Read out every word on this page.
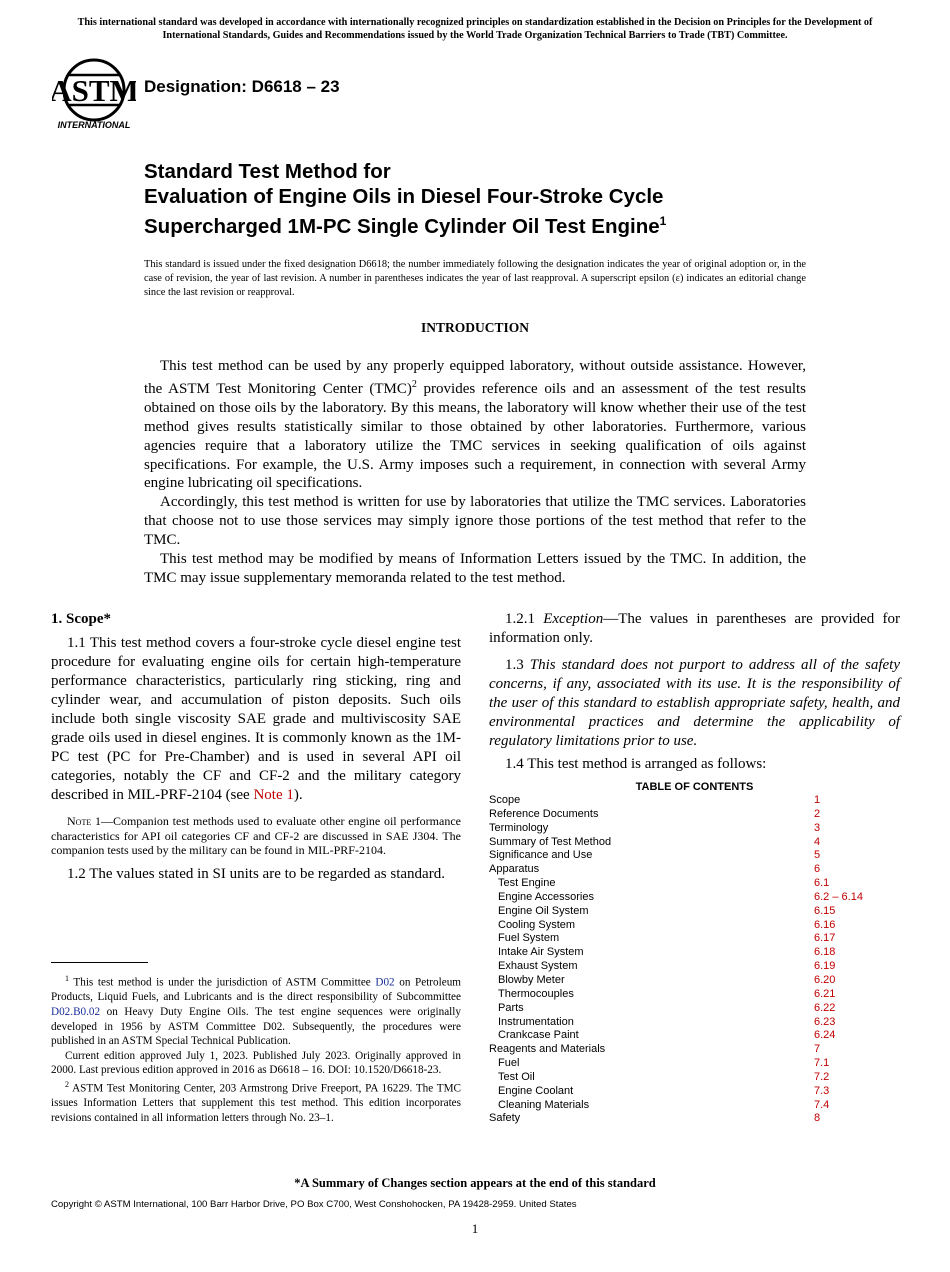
This international standard was developed in accordance with internationally recognized principles on standardization established in the Decision on Principles for the Development of International Standards, Guides and Recommendations issued by the World Trade Organization Technical Barriers to Trade (TBT) Committee.
ASTM
INTERNATIONAL
Designation: D6618 – 23
Standard Test Method for
Evaluation of Engine Oils in Diesel Four-Stroke Cycle
Supercharged 1M-PC Single Cylinder Oil Test Engine$^1$
This standard is issued under the fixed designation D6618; the number immediately following the designation indicates the year of original adoption or, in the case of revision, the year of last revision. A number in parentheses indicates the year of last reapproval. A superscript epsilon (ε) indicates an editorial change since the last revision or reapproval.
INTRODUCTION

This test method can be used by any properly equipped laboratory, without outside assistance. However, the ASTM Test Monitoring Center (TMC)$^2$ provides reference oils and an assessment of the test results obtained on those oils by the laboratory. By this means, the laboratory will know whether their use of the test method gives results statistically similar to those obtained by other laboratories. Furthermore, various agencies require that a laboratory utilize the TMC services in seeking qualification of oils against specifications. For example, the U.S. Army imposes such a requirement, in connection with several Army engine lubricating oil specifications.

Accordingly, this test method is written for use by laboratories that utilize the TMC services. Laboratories that choose not to use those services may simply ignore those portions of the test method that refer to the TMC.

This test method may be modified by means of Information Letters issued by the TMC. In addition, the TMC may issue supplementary memoranda related to the test method.

1. Scope*

1.1 This test method covers a four-stroke cycle diesel engine test procedure for evaluating engine oils for certain high-temperature performance characteristics, particularly ring sticking, ring and cylinder wear, and accumulation of piston deposits. Such oils include both single viscosity SAE grade and multiviscosity SAE grade oils used in diesel engines. It is commonly known as the 1M-PC test (PC for Pre-Chamber) and is used in several API oil categories, notably the CF and CF-2 and the military category described in MIL-PRF-2104 (see Note 1).

Note 1—Companion test methods used to evaluate other engine oil performance characteristics for API oil categories CF and CF-2 are discussed in SAE J304. The companion tests used by the military can be found in MIL-PRF-2104.

1.2 The values stated in SI units are to be regarded as standard.

$^1$ This test method is under the jurisdiction of ASTM Committee D02 on Petroleum Products, Liquid Fuels, and Lubricants and is the direct responsibility of Subcommittee D02.B0.02 on Heavy Duty Engine Oils. The test engine sequences were originally developed in 1956 by ASTM Committee D02. Subsequently, the procedures were published in an ASTM Special Technical Publication.

Current edition approved July 1, 2023. Published July 2023. Originally approved in 2000. Last previous edition approved in 2016 as D6618 – 16. DOI: 10.1520/D6618-23.

$^2$ ASTM Test Monitoring Center, 203 Armstrong Drive Freeport, PA 16229. The TMC issues Information Letters that supplement this test method. This edition incorporates revisions contained in all information letters through No. 23–1.

1.2.1 Exception—The values in parentheses are provided for information only.

1.3 This standard does not purport to address all of the safety concerns, if any, associated with its use. It is the responsibility of the user of this standard to establish appropriate safety, health, and environmental practices and determine the applicability of regulatory limitations prior to use.

1.4 This test method is arranged as follows:

TABLE OF CONTENTS
Scope	1
Reference Documents	2
Terminology	3
Summary of Test Method	4
Significance and Use	5
Apparatus	6
Test Engine	6.1
Engine Accessories	6.2 – 6.14
Engine Oil System	6.15
Cooling System	6.16
Fuel System	6.17
Intake Air System	6.18
Exhaust System	6.19
Blowby Meter	6.20
Thermocouples	6.21
Parts	6.22
Instrumentation	6.23
Crankcase Paint	6.24
Reagents and Materials	7
Fuel	7.1
Test Oil	7.2
Engine Coolant	7.3
Cleaning Materials	7.4
Safety	8
*A Summary of Changes section appears at the end of this standard
Copyright © ASTM International, 100 Barr Harbor Drive, PO Box C700, West Conshohocken, PA 19428-2959. United States
1
